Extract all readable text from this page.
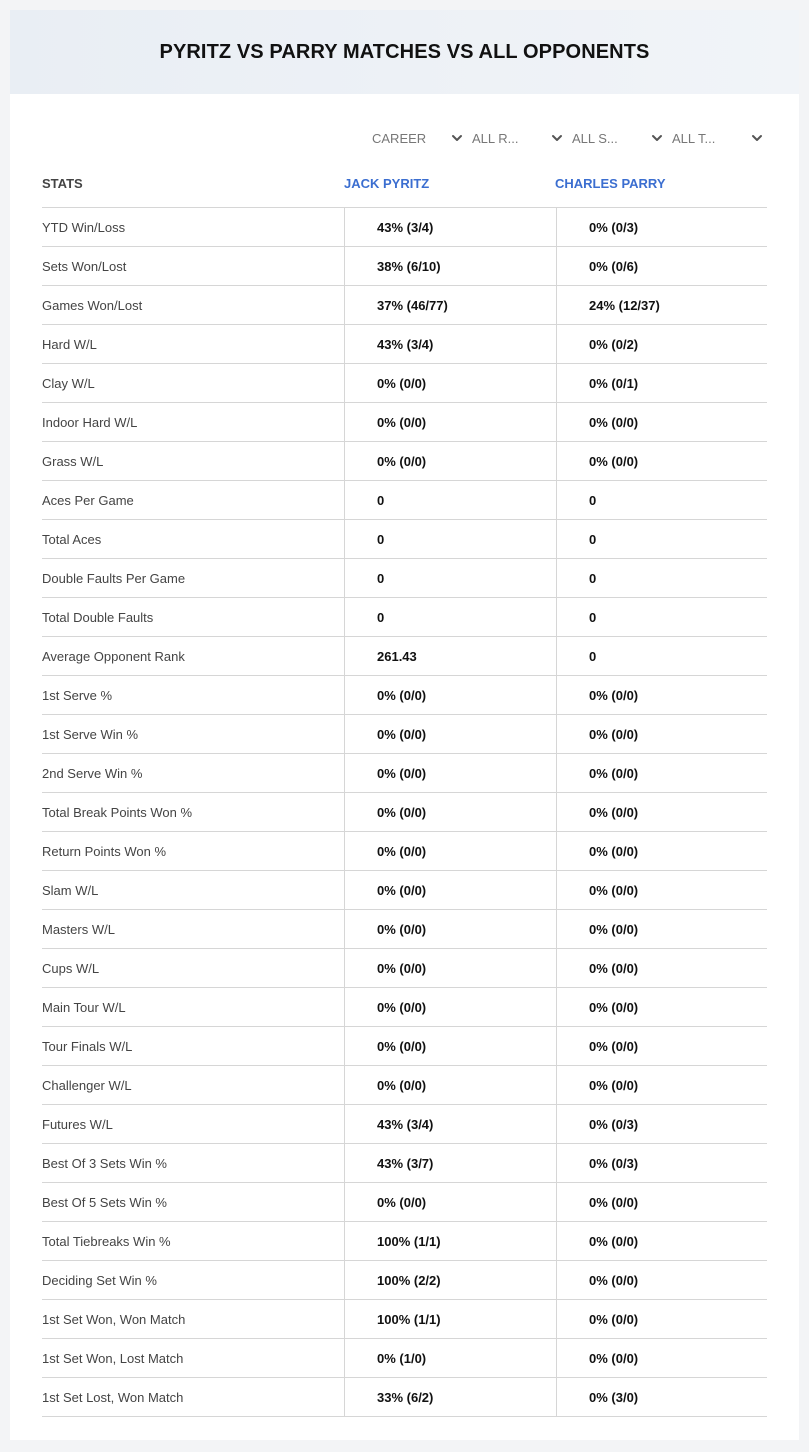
PYRITZ VS PARRY MATCHES VS ALL OPPONENTS
CAREER	ALL R...	ALL S...	ALL T...
STATS	JACK PYRITZ	CHARLES PARRY
YTD Win/Loss	43% (3/4)	0% (0/3)
Sets Won/Lost	38% (6/10)	0% (0/6)
Games Won/Lost	37% (46/77)	24% (12/37)
Hard W/L	43% (3/4)	0% (0/2)
Clay W/L	0% (0/0)	0% (0/1)
Indoor Hard W/L	0% (0/0)	0% (0/0)
Grass W/L	0% (0/0)	0% (0/0)
Aces Per Game	0	0
Total Aces	0	0
Double Faults Per Game	0	0
Total Double Faults	0	0
Average Opponent Rank	261.43	0
1st Serve %	0% (0/0)	0% (0/0)
1st Serve Win %	0% (0/0)	0% (0/0)
2nd Serve Win %	0% (0/0)	0% (0/0)
Total Break Points Won %	0% (0/0)	0% (0/0)
Return Points Won %	0% (0/0)	0% (0/0)
Slam W/L	0% (0/0)	0% (0/0)
Masters W/L	0% (0/0)	0% (0/0)
Cups W/L	0% (0/0)	0% (0/0)
Main Tour W/L	0% (0/0)	0% (0/0)
Tour Finals W/L	0% (0/0)	0% (0/0)
Challenger W/L	0% (0/0)	0% (0/0)
Futures W/L	43% (3/4)	0% (0/3)
Best Of 3 Sets Win %	43% (3/7)	0% (0/3)
Best Of 5 Sets Win %	0% (0/0)	0% (0/0)
Total Tiebreaks Win %	100% (1/1)	0% (0/0)
Deciding Set Win %	100% (2/2)	0% (0/0)
1st Set Won, Won Match	100% (1/1)	0% (0/0)
1st Set Won, Lost Match	0% (1/0)	0% (0/0)
1st Set Lost, Won Match	33% (6/2)	0% (3/0)
